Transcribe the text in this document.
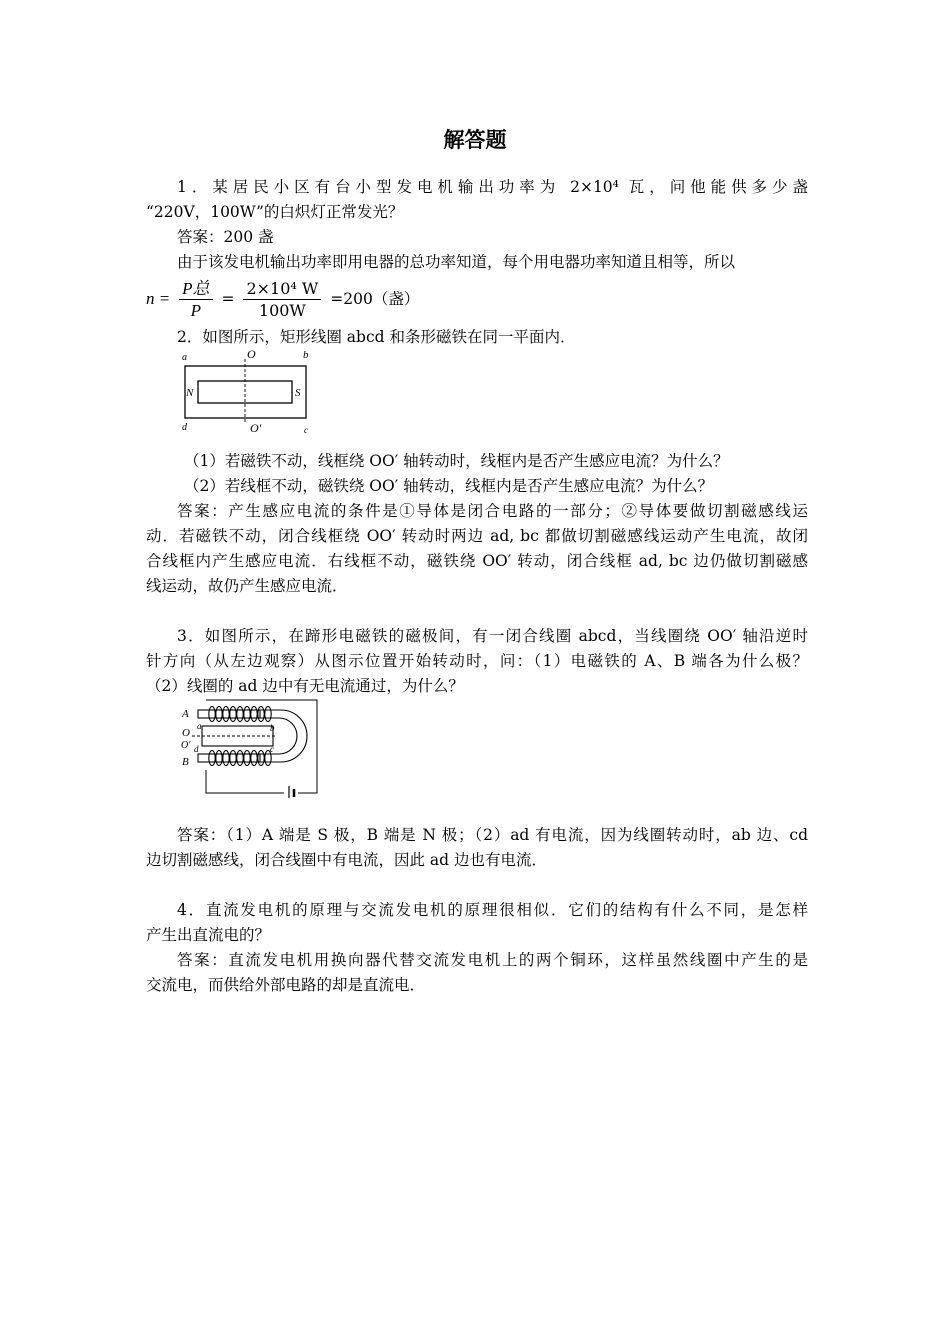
解答题
1．某居民小区有台小型发电机输出功率为 2×10⁴ 瓦，问他能供多少盏
“220V，100W”的白炽灯正常发光？
答案：200 盏
由于该发电机输出功率即用电器的总功率知道，每个用电器功率知道且相等，所以
$n = \frac{\text{P总}}{P} = \frac{\text{2×10⁴ W}}{100W} =200$（盏）
2．如图所示，矩形线圈 abcd 和条形磁铁在同一平面内．
a	O	b
N	S
d	O′	c
（1）若磁铁不动，线框绕 OO′ 轴转动时，线框内是否产生感应电流？为什么？
（2）若线框不动，磁铁绕 OO′ 轴转动，线框内是否产生感应电流？为什么？
答案：产生感应电流的条件是①导体是闭合电路的一部分；②导体要做切割磁感线运
动．若磁铁不动，闭合线框绕 OO′ 转动时两边 ad, bc 都做切割磁感线运动产生电流，故闭
合线框内产生感应电流．右线框不动，磁铁绕 OO′ 转动，闭合线框 ad, bc 边仍做切割磁感
线运动，故仍产生感应电流．
3．如图所示，在蹄形电磁铁的磁极间，有一闭合线圈 abcd，当线圈绕 OO′ 轴沿逆时
针方向（从左边观察）从图示位置开始转动时，问：（1）电磁铁的 A、B 端各为什么极？
（2）线圈的 ad 边中有无电流通过，为什么？
A
B
O
O′
a	b
c
d
答案：（1）A 端是 S 极，B 端是 N 极；（2）ad 有电流，因为线圈转动时，ab 边、cd
边切割磁感线，闭合线圈中有电流，因此 ad 边也有电流．
4．直流发电机的原理与交流发电机的原理很相似．它们的结构有什么不同，是怎样
产生出直流电的？
答案：直流发电机用换向器代替交流发电机上的两个铜环，这样虽然线圈中产生的是
交流电，而供给外部电路的却是直流电．
